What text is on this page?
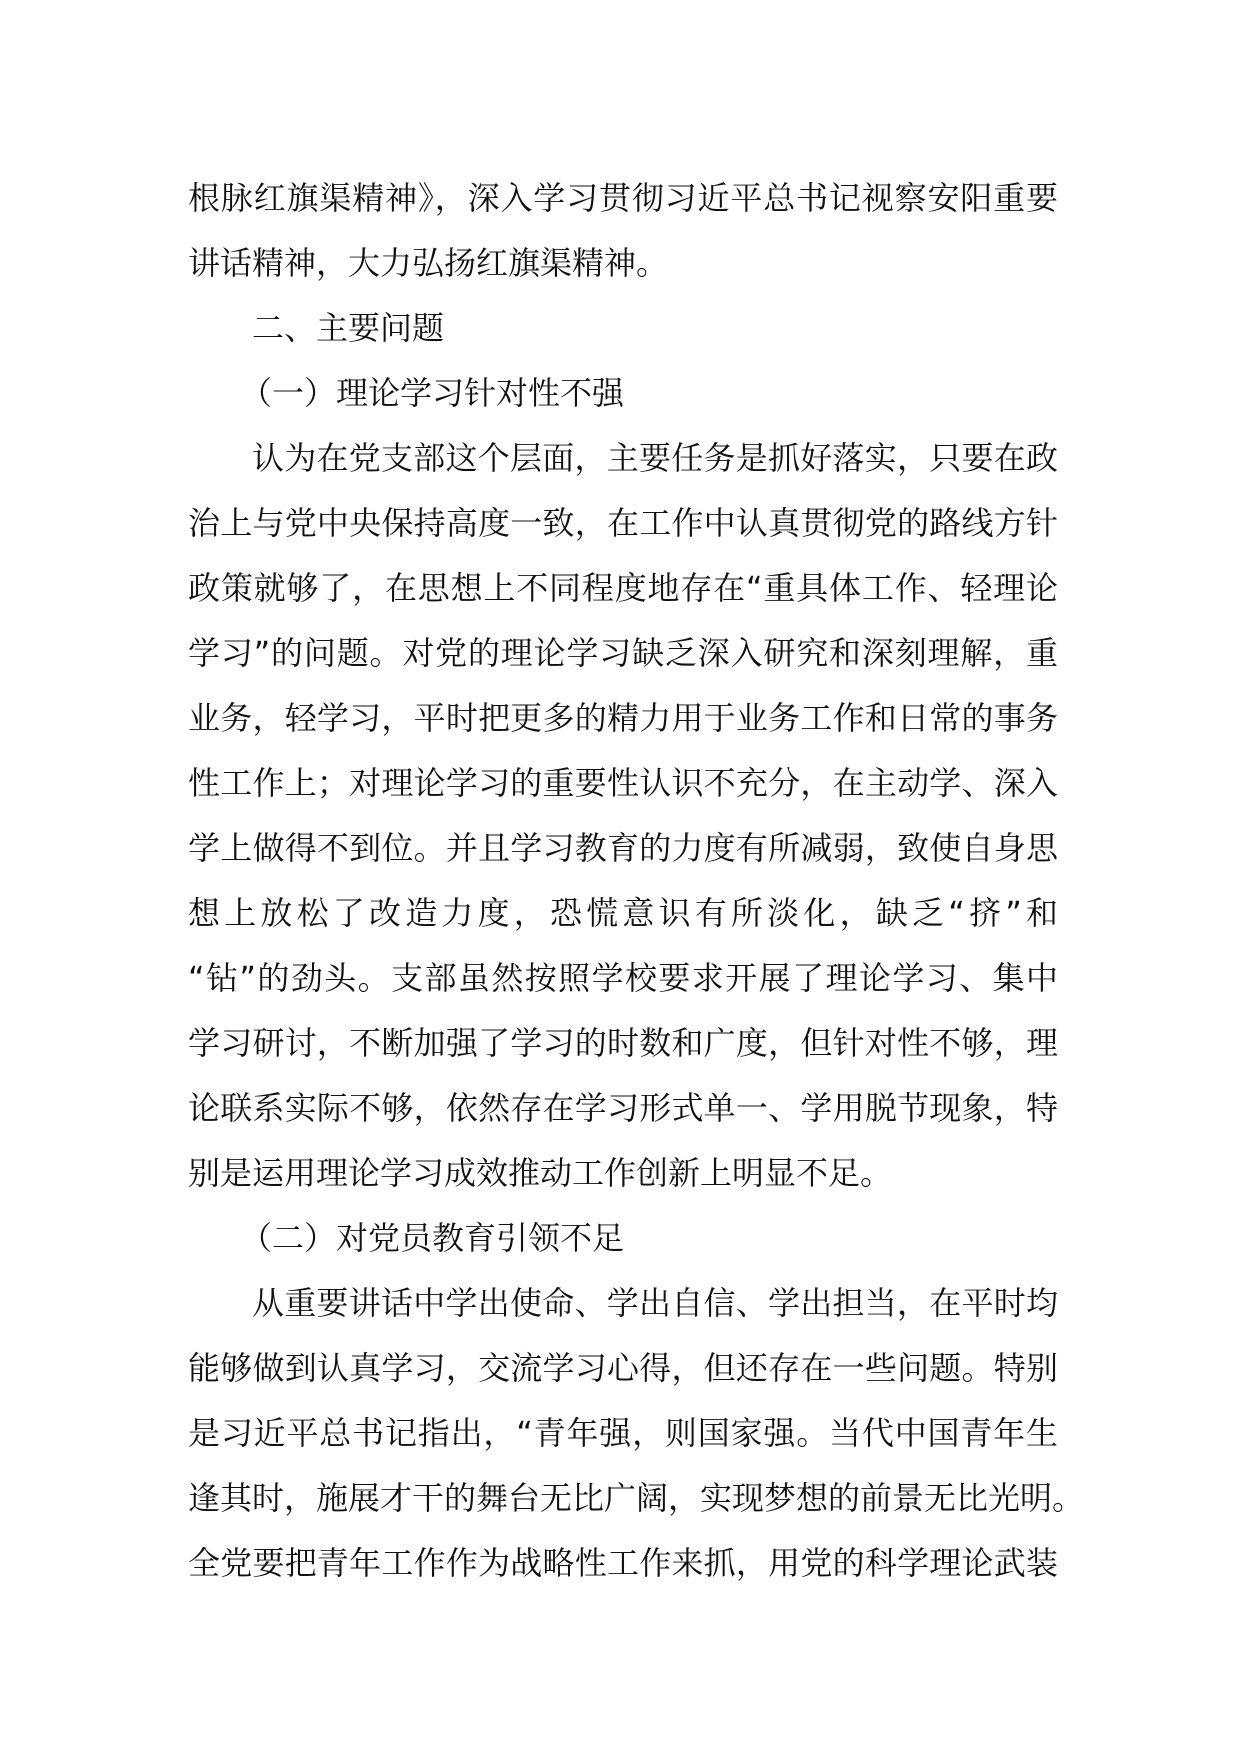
根脉红旗渠精神》，深入学习贯彻习近平总书记视察安阳重要
讲话精神，大力弘扬红旗渠精神。
二、主要问题
（一）理论学习针对性不强
认为在党支部这个层面，主要任务是抓好落实，只要在政
治上与党中央保持高度一致，在工作中认真贯彻党的路线方针
政策就够了，在思想上不同程度地存在“重具体工作、轻理论
学习”的问题。对党的理论学习缺乏深入研究和深刻理解，重
业务，轻学习，平时把更多的精力用于业务工作和日常的事务
性工作上；对理论学习的重要性认识不充分，在主动学、深入
学上做得不到位。并且学习教育的力度有所减弱，致使自身思
想上放松了改造力度，恐慌意识有所淡化，缺乏“挤”和
“钻”的劲头。支部虽然按照学校要求开展了理论学习、集中
学习研讨，不断加强了学习的时数和广度，但针对性不够，理
论联系实际不够，依然存在学习形式单一、学用脱节现象，特
别是运用理论学习成效推动工作创新上明显不足。
（二）对党员教育引领不足
从重要讲话中学出使命、学出自信、学出担当，在平时均
能够做到认真学习，交流学习心得，但还存在一些问题。特别
是习近平总书记指出，“青年强，则国家强。当代中国青年生
逢其时，施展才干的舞台无比广阔，实现梦想的前景无比光明。
全党要把青年工作作为战略性工作来抓，用党的科学理论武装
